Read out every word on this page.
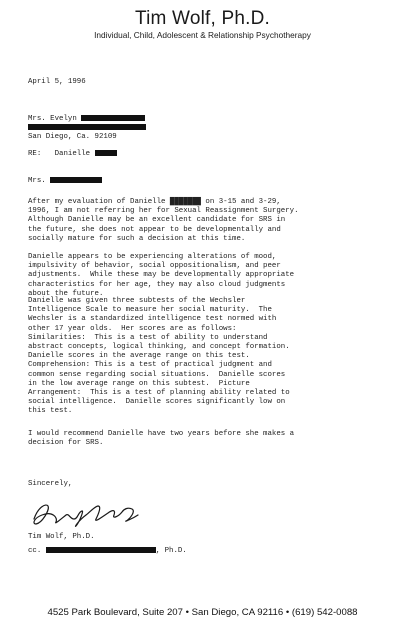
Tim Wolf, Ph.D.
Individual, Child, Adolescent & Relationship Psychotherapy
April 5, 1996
Mrs. Evelyn
San Diego, Ca. 92109
RE: Danielle
Mrs.
After my evaluation of Danielle ███████ on 3-15 and 3-29,
1996, I am not referring her for Sexual Reassignment Surgery.
Although Danielle may be an excellent candidate for SRS in
the future, she does not appear to be developmentally and
socially mature for such a decision at this time.
Danielle appears to be experiencing alterations of mood,
impulsivity of behavior, social oppositionalism, and peer
adjustments.  While these may be developmentally appropriate
characteristics for her age, they may also cloud judgments
about the future.
Danielle was given three subtests of the Wechsler
Intelligence Scale to measure her social maturity.  The
Wechsler is a standardized intelligence test normed with
other 17 year olds.  Her scores are as follows:
Similarities:  This is a test of ability to understand
abstract concepts, logical thinking, and concept formation.
Danielle scores in the average range on this test.
Comprehension: This is a test of practical judgment and
common sense regarding social situations.  Danielle scores
in the low average range on this subtest.  Picture
Arrangement:  This is a test of planning ability related to
social intelligence.  Danielle scores significantly low on
this test.
I would recommend Danielle have two years before she makes a
decision for SRS.
Sincerely,
Tim Wolf, Ph.D.
cc.	, Ph.D.
4525 Park Boulevard, Suite 207 • San Diego, CA 92116 • (619) 542-0088
